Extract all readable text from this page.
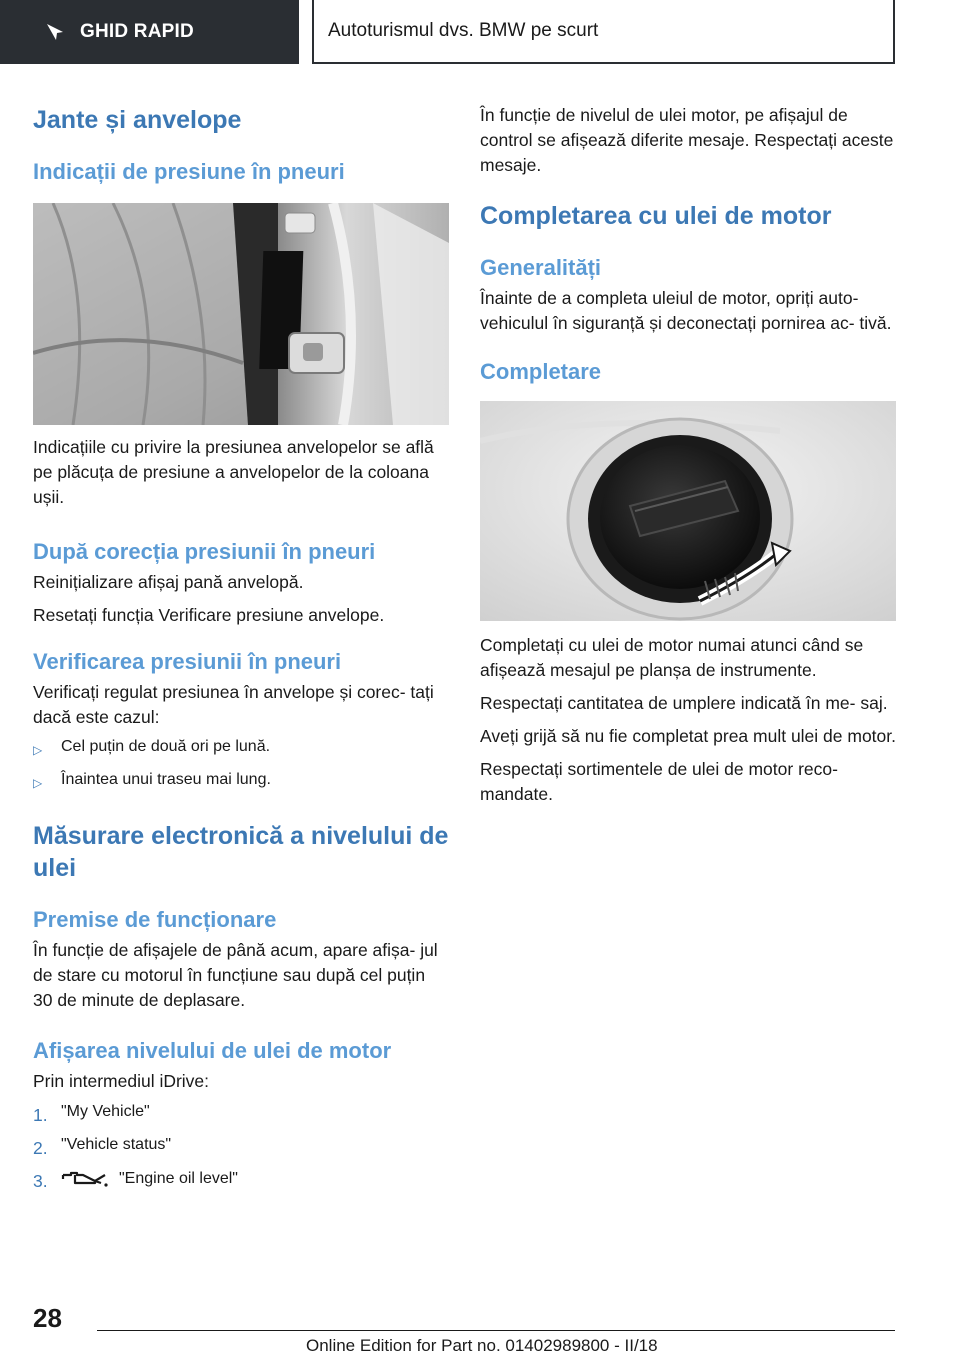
GHID RAPID	Autoturismul dvs. BMW pe scurt
Jante și anvelope
Indicații de presiune în pneuri

Indicațiile cu privire la presiunea anvelopelor se află pe plăcuța de presiune a anvelopelor de la coloana ușii.

După corecția presiunii în pneuri

Reinițializare afișaj pană anvelopă.

Resetați funcția Verificare presiune anvelope.

Verificarea presiunii în pneuri

Verificați regulat presiunea în anvelope și corec- tați dacă este cazul:

▷	Cel puțin de două ori pe lună.
▷	Înaintea unui traseu mai lung.
Măsurare electronică a nivelului de ulei
Premise de funcționare

În funcție de afișajele de până acum, apare afișa- jul de stare cu motorul în funcțiune sau după cel puțin 30 de minute de deplasare.

Afișarea nivelului de ulei de motor

Prin intermediul iDrive:

1. "My Vehicle"
2. "Vehicle status"
3.	"Engine oil level"

În funcție de nivelul de ulei motor, pe afișajul de control se afișează diferite mesaje. Respectați aceste mesaje.

Completarea cu ulei de motor
Generalități

Înainte de a completa uleiul de motor, opriți auto- vehiculul în siguranță și deconectați pornirea ac- tivă.

Completare

Completați cu ulei de motor numai atunci când se afișează mesajul pe planșa de instrumente.

Respectați cantitatea de umplere indicată în me- saj.

Aveți grijă să nu fie completat prea mult ulei de motor.

Respectați sortimentele de ulei de motor reco- mandate.

28
Online Edition for Part no. 01402989800 - II/18
